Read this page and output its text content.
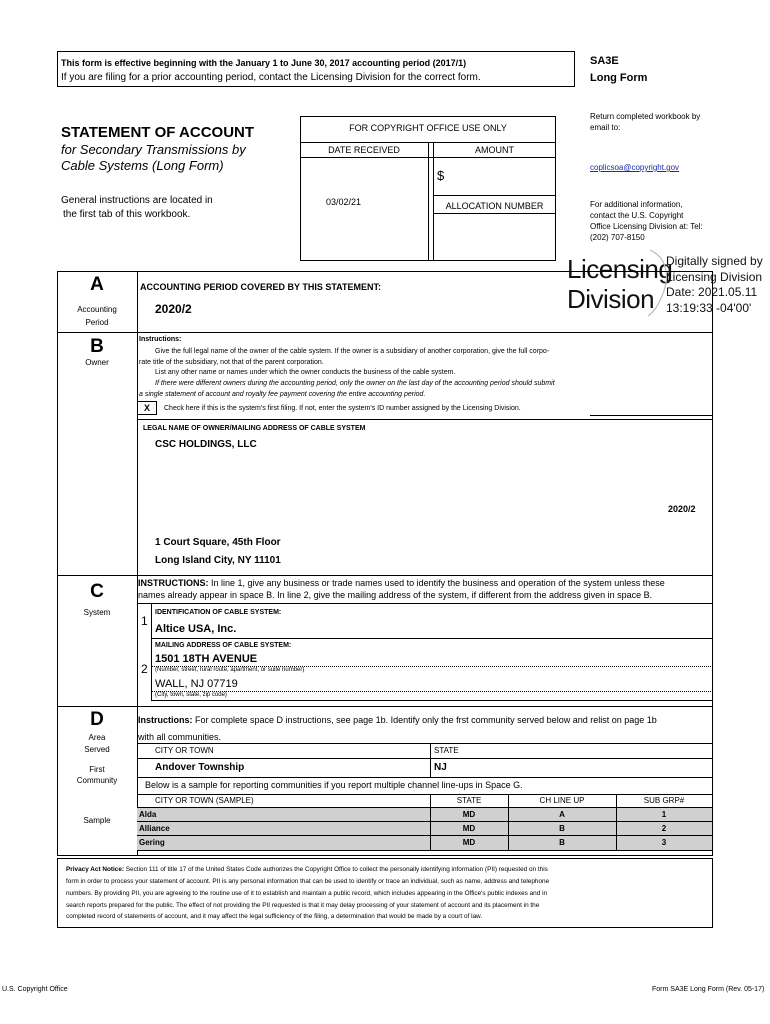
This form is effective beginning with the January 1 to June 30, 2017 accounting period (2017/1)
If you are filing for a prior accounting period, contact the Licensing Division for the correct form.
SA3E
Long Form
STATEMENT OF ACCOUNT
for Secondary Transmissions by
Cable Systems (Long Form)
General instructions are located in
the first tab of this workbook.
FOR COPYRIGHT OFFICE USE ONLY
DATE RECEIVED	AMOUNT
$
03/02/21	ALLOCATION NUMBER
Return completed workbook by
email to:
coplicsoa@copyright.gov
For additional information,
contact the U.S. Copyright
Office Licensing Division at: Tel:
(202) 707-8150
Licensing
Division
Digitally signed by
Licensing Division
Date: 2021.05.11
13:19:33 -04'00'
A
Accounting
Period
ACCOUNTING PERIOD COVERED BY THIS STATEMENT:
2020/2
B
Owner
Instructions:
Give the full legal name of the owner of the cable system. If the owner is a subsidiary of another corporation, give the full corpo-
rate title of the subsidiary, not that of the parent corporation.
List any other name or names under which the owner conducts the business of the cable system.
If there were different owners during the accounting period, only the owner on the last day of the accounting period should submit
a single statement of account and royalty fee payment covering the entire accounting period.
X	Check here if this is the system's first filing. If not, enter the system's ID number assigned by the Licensing Division.
LEGAL NAME OF OWNER/MAILING ADDRESS OF CABLE SYSTEM
CSC HOLDINGS, LLC
2020/2
1 Court Square, 45th Floor
Long Island City, NY 11101
C
System
INSTRUCTIONS: In line 1, give any business or trade names used to identify the business and operation of the system unless these
names already appear in space B. In line 2, give the mailing address of the system, if different from the address given in space B.
1
IDENTIFICATION OF CABLE SYSTEM:
Altice USA, Inc.
MAILING ADDRESS OF CABLE SYSTEM:
2
1501 18TH AVENUE
(Number, street, rural route, apartment, or suite number)
WALL, NJ 07719
(City, town, state, zip code)
D
Area
Served
First
Community
Sample
Instructions: For complete space D instructions, see page 1b. Identify only the frst community served below and relist on page 1b
with all communities.
CITY OR TOWN	STATE
Andover Township	NJ
Below is a sample for reporting communities if you report multiple channel line-ups in Space G.
CITY OR TOWN (SAMPLE)	STATE	CH LINE UP	SUB GRP#
Alda	MD	A	1
Alliance	MD	B	2
Gering	MD	B	3
Privacy Act Notice: Section 111 of title 17 of the United States Code authorizes the Copyright Office to collect the personally identifying information (PII) requested on this
form in order to process your statement of account. PII is any personal information that can be used to identify or trace an individual, such as name, address and telephone
numbers. By providing PII, you are agreeing to the routine use of it to establish and maintain a public record, which includes appearing in the Office's public indexes and in
search reports prepared for the public. The effect of not providing the PII requested is that it may delay processing of your statement of account and its placement in the
completed record of statements of account, and it may affect the legal sufficiency of the filing, a determination that would be made by a court of law.
U.S. Copyright Office	Form SA3E Long Form (Rev. 05-17)
